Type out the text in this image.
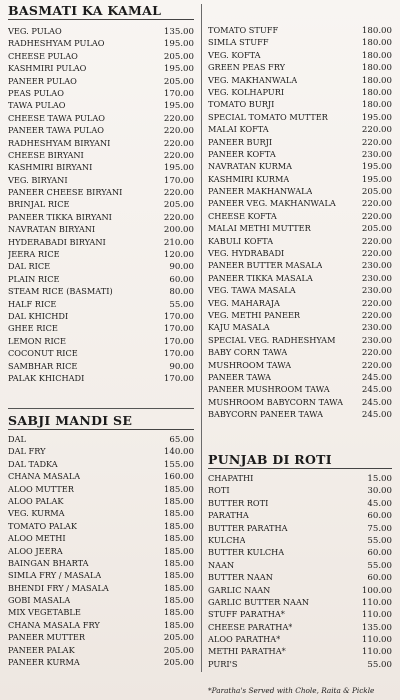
BASMATI KA KAMAL
VEG. PULAO	135.00
RADHESHYAM PULAO	195.00
CHEESE PULAO	205.00
KASHMIRI PULAO	195.00
PANEER PULAO	205.00
PEAS PULAO	170.00
TAWA PULAO	195.00
CHEESE TAWA PULAO	220.00
PANEER TAWA PULAO	220.00
RADHESHYAM BIRYANI	220.00
CHEESE BIRYANI	220.00
KASHMIRI BIRYANI	195.00
VEG. BIRYANI	170.00
PANEER CHEESE BIRYANI	220.00
BRINJAL RICE	205.00
PANEER TIKKA BIRYANI	220.00
NAVRATAN BIRYANI	200.00
HYDERABADI BIRYANI	210.00
JEERA RICE	120.00
DAL RICE	90.00
PLAIN RICE	60.00
STEAM RICE (BASMATI)	80.00
HALF RICE	55.00
DAL KHICHDI	170.00
GHEE RICE	170.00
LEMON RICE	170.00
COCONUT RICE	170.00
SAMBHAR RICE	90.00
PALAK KHICHADI	170.00
SABJI MANDI SE
DAL	65.00
DAL FRY	140.00
DAL TADKA	155.00
CHANA MASALA	160.00
ALOO MUTTER	185.00
ALOO PALAK	185.00
VEG. KURMA	185.00
TOMATO PALAK	185.00
ALOO METHI	185.00
ALOO JEERA	185.00
BAINGAN BHARTA	185.00
SIMLA FRY / MASALA	185.00
BHENDI FRY / MASALA	185.00
GOBI MASALA	185.00
MIX VEGETABLE	185.00
CHANA MASALA FRY	185.00
PANEER MUTTER	205.00
PANEER PALAK	205.00
PANEER KURMA	205.00
TOMATO STUFF	180.00
SIMLA STUFF	180.00
VEG. KOFTA	180.00
GREEN PEAS FRY	180.00
VEG. MAKHANWALA	180.00
VEG. KOLHAPURI	180.00
TOMATO BURJI	180.00
SPECIAL TOMATO MUTTER	195.00
MALAI KOFTA	220.00
PANEER BURJI	220.00
PANEER KOFTA	230.00
NAVRATAN KURMA	195.00
KASHMIRI KURMA	195.00
PANEER MAKHANWALA	205.00
PANEER VEG. MAKHANWALA	220.00
CHEESE KOFTA	220.00
MALAI METHI MUTTER	205.00
KABULI KOFTA	220.00
VEG. HYDRABADI	220.00
PANEER BUTTER MASALA	230.00
PANEER TIKKA MASALA	230.00
VEG. TAWA MASALA	230.00
VEG. MAHARAJA	220.00
VEG. METHI PANEER	220.00
KAJU MASALA	230.00
SPECIAL VEG. RADHESHYAM	230.00
BABY CORN TAWA	220.00
MUSHROOM TAWA	220.00
PANEER TAWA	245.00
PANEER MUSHROOM TAWA	245.00
MUSHROOM BABYCORN TAWA 245.00
BABYCORN PANEER TAWA	245.00
PUNJAB DI ROTI
CHAPATHI	15.00
ROTI	30.00
BUTTER ROTI	45.00
PARATHA	60.00
BUTTER PARATHA	75.00
KULCHA	55.00
BUTTER KULCHA	60.00
NAAN	55.00
BUTTER NAAN	60.00
GARLIC NAAN	100.00
GARLIC BUTTER NAAN	110.00
STUFF PARATHA*	110.00
CHEESE PARATHA*	135.00
ALOO PARATHA*	110.00
METHI PARATHA*	110.00
PURI'S	55.00
*Paratha's Served with Chole, Raita & Pickle
